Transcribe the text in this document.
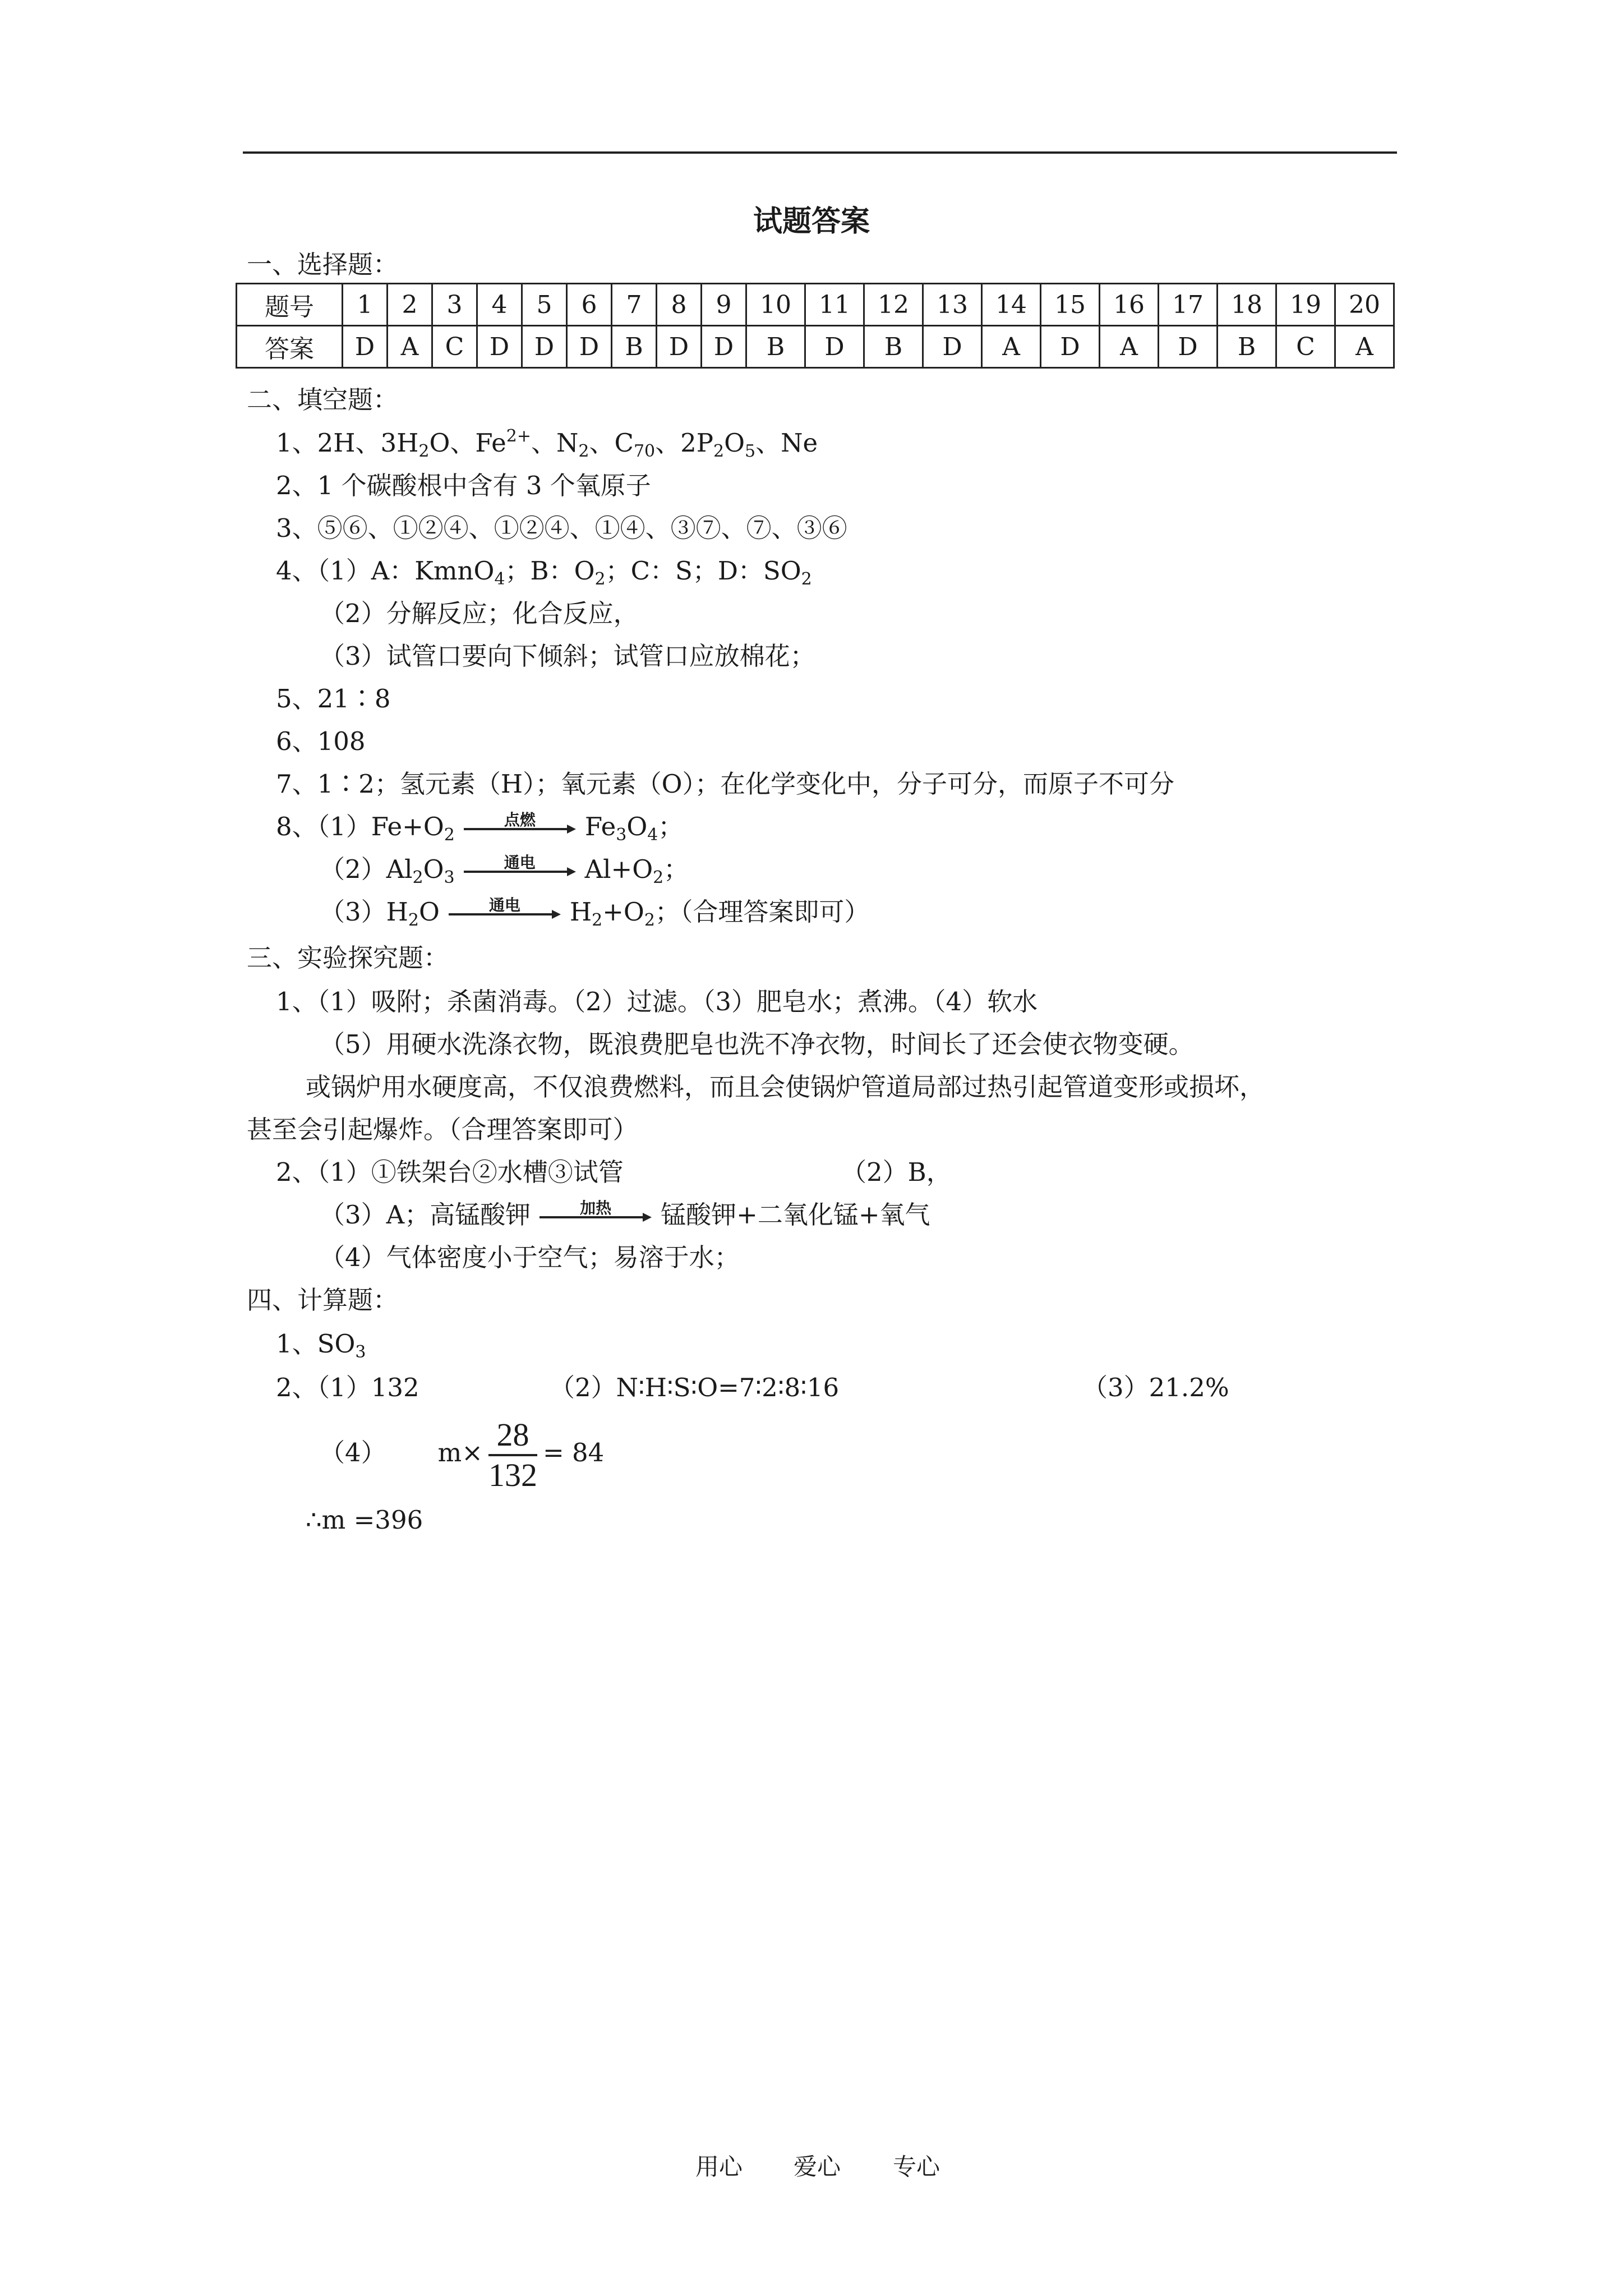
试题答案
一、选择题：
题号	1	2	3	4	5	6	7	8	9	10	11	12	13	14	15	16	17	18	19	20
答案	D	A	C	D	D	D	B	D	D	B	D	B	D	A	D	A	D	B	C	A
二、填空题：
1、2H、$3H_2O$、$Fe^{2+}$、$N_2$、$C_{70}$、$2P_2O_5$、Ne
2、1 个碳酸根中含有 3 个氧原子
3、⑤⑥、①②④、①②④、①④、③⑦、⑦、③⑥
4、（1）A：KmnO$_4$；B：$O_2$；C：S；D：$SO_2$
（2）分解反应；化合反应，
（3）试管口要向下倾斜；试管口应放棉花；
5、21∶8
6、108
7、1∶2；氢元素（H）；氧元素（O）；在化学变化中，分子可分，而原子不可分
8、$(1)Fe+O_2$
点燃	$Fe_3O_4$；
$(2)Al_2O_3$
通电	$Al+O_2$；
$(3)H_2O$	通电	$H_2+O_2$；（合理答案即可）
三、实验探究题：
1、（1）吸附；杀菌消毒。（2）过滤。（3）肥皂水；煮沸。（4）软水
（5）用硬水洗涤衣物，既浪费肥皂也洗不净衣物，时间长了还会使衣物变硬。
或锅炉用水硬度高，不仅浪费燃料，而且会使锅炉管道局部过热引起管道变形或损坏，
甚至会引起爆炸。（合理答案即可）
2、（1）①铁架台②水槽③试管	（2）B，
（3）A；高锰酸钾	加热	锰酸钾+二氧化锰+氧气
（4）气体密度小于空气；易溶于水；
四、计算题：
1、$SO_3$
2、（1）132	（2）N∶H∶S∶O=7∶2∶8∶16	（3）21.2%
（4） $m\times \frac{28}{132} = 84$
∴m =396
用心 爱心 专心
